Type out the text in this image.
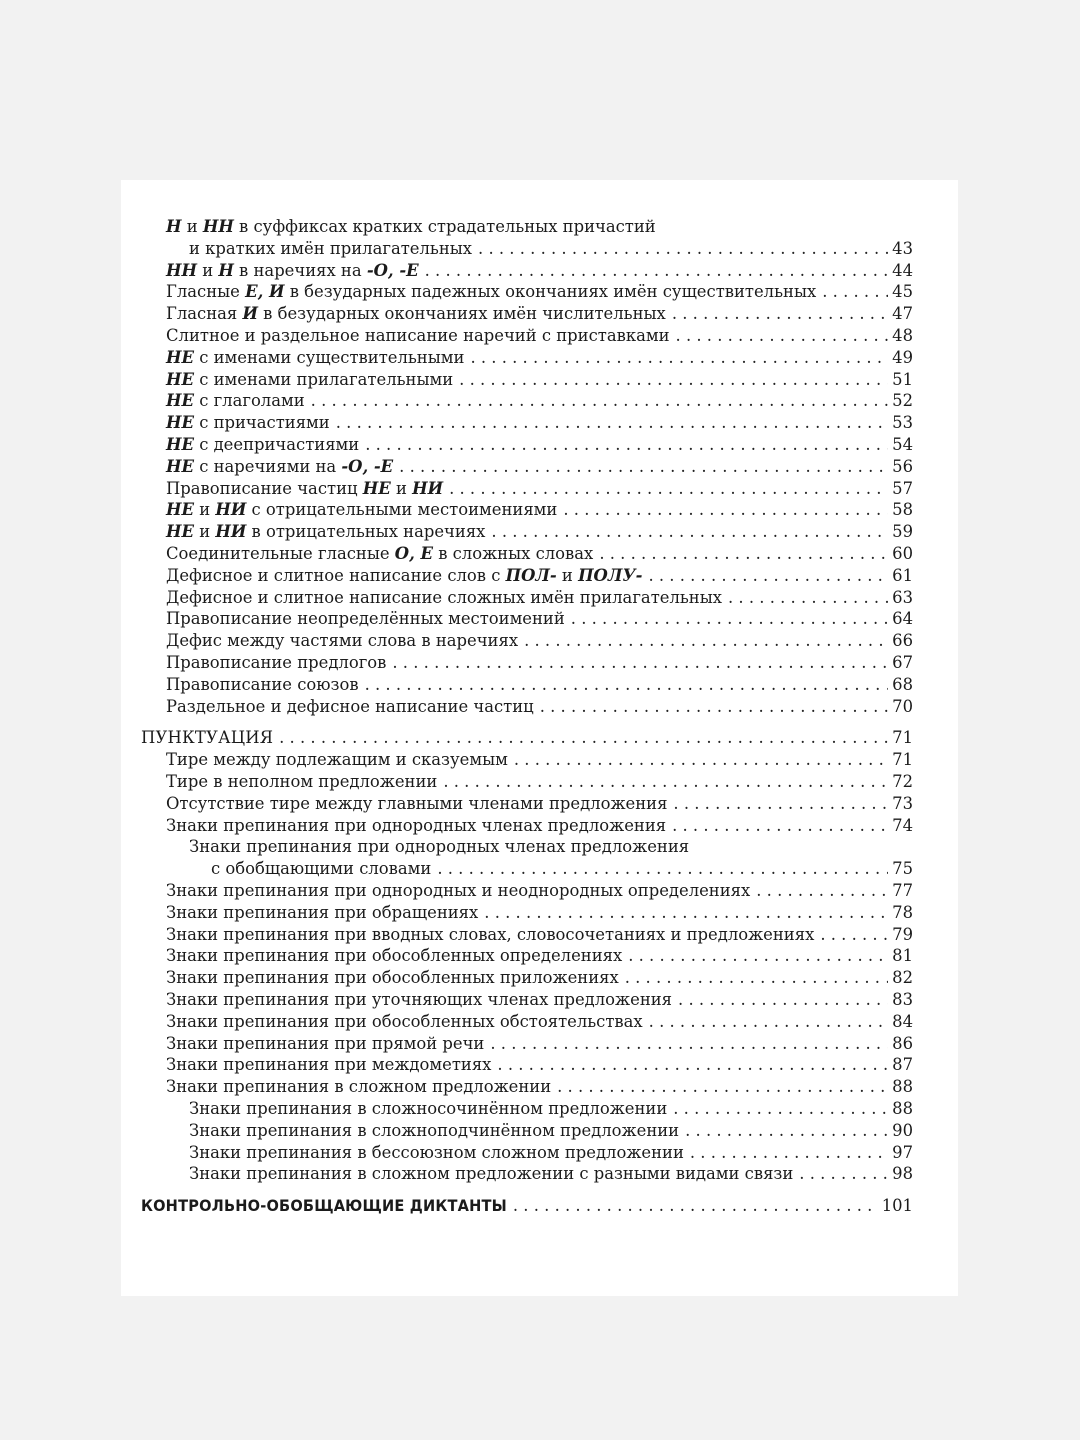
Н и НН в суффиксах кратких страдательных причастий
и кратких имён прилагательных . . .	43
НН и Н в наречиях на -О, -Е . . .	44
Гласные Е, И в безударных падежных окончаниях имён существительных . . .	45
Гласная И в безударных окончаниях имён числительных . . .	47
Слитное и раздельное написание наречий с приставками . . .	48
НЕ с именами существительными . . .	49
НЕ с именами прилагательными . . .	51
НЕ с глаголами . . .	52
НЕ с причастиями . . .	53
НЕ с деепричастиями . . .	54
НЕ с наречиями на -О, -Е . . .	56
Правописание частиц НЕ и НИ . . .	57
НЕ и НИ с отрицательными местоимениями . . .	58
НЕ и НИ в отрицательных наречиях . . .	59
Соединительные гласные О, Е в сложных словах . . .	60
Дефисное и слитное написание слов с ПОЛ- и ПОЛУ- . . .	61
Дефисное и слитное написание сложных имён прилагательных . . .	63
Правописание неопределённых местоимений . . .	64
Дефис между частями слова в наречиях . . .	66
Правописание предлогов . . .	67
Правописание союзов . . .	68
Раздельное и дефисное написание частиц . . .	70
ПУНКТУАЦИЯ . . .	71
Тире между подлежащим и сказуемым . . .	71
Тире в неполном предложении . . .	72
Отсутствие тире между главными членами предложения . . .	73
Знаки препинания при однородных членах предложения . . .	74
Знаки препинания при однородных членах предложения
с обобщающими словами . . .	75
Знаки препинания при однородных и неоднородных определениях . . .	77
Знаки препинания при обращениях . . .	78
Знаки препинания при вводных словах, словосочетаниях и предложениях . . .	79
Знаки препинания при обособленных определениях . . .	81
Знаки препинания при обособленных приложениях . . .	82
Знаки препинания при уточняющих членах предложения . . .	83
Знаки препинания при обособленных обстоятельствах . . .	84
Знаки препинания при прямой речи . . .	86
Знаки препинания при междометиях . . .	87
Знаки препинания в сложном предложении . . .	88
Знаки препинания в сложносочинённом предложении . . .	88
Знаки препинания в сложноподчинённом предложении . . .	90
Знаки препинания в бессоюзном сложном предложении . . .	97
Знаки препинания в сложном предложении с разными видами связи . . .	98
КОНТРОЛЬНО-ОБОБЩАЮЩИЕ ДИКТАНТЫ . . .	101
